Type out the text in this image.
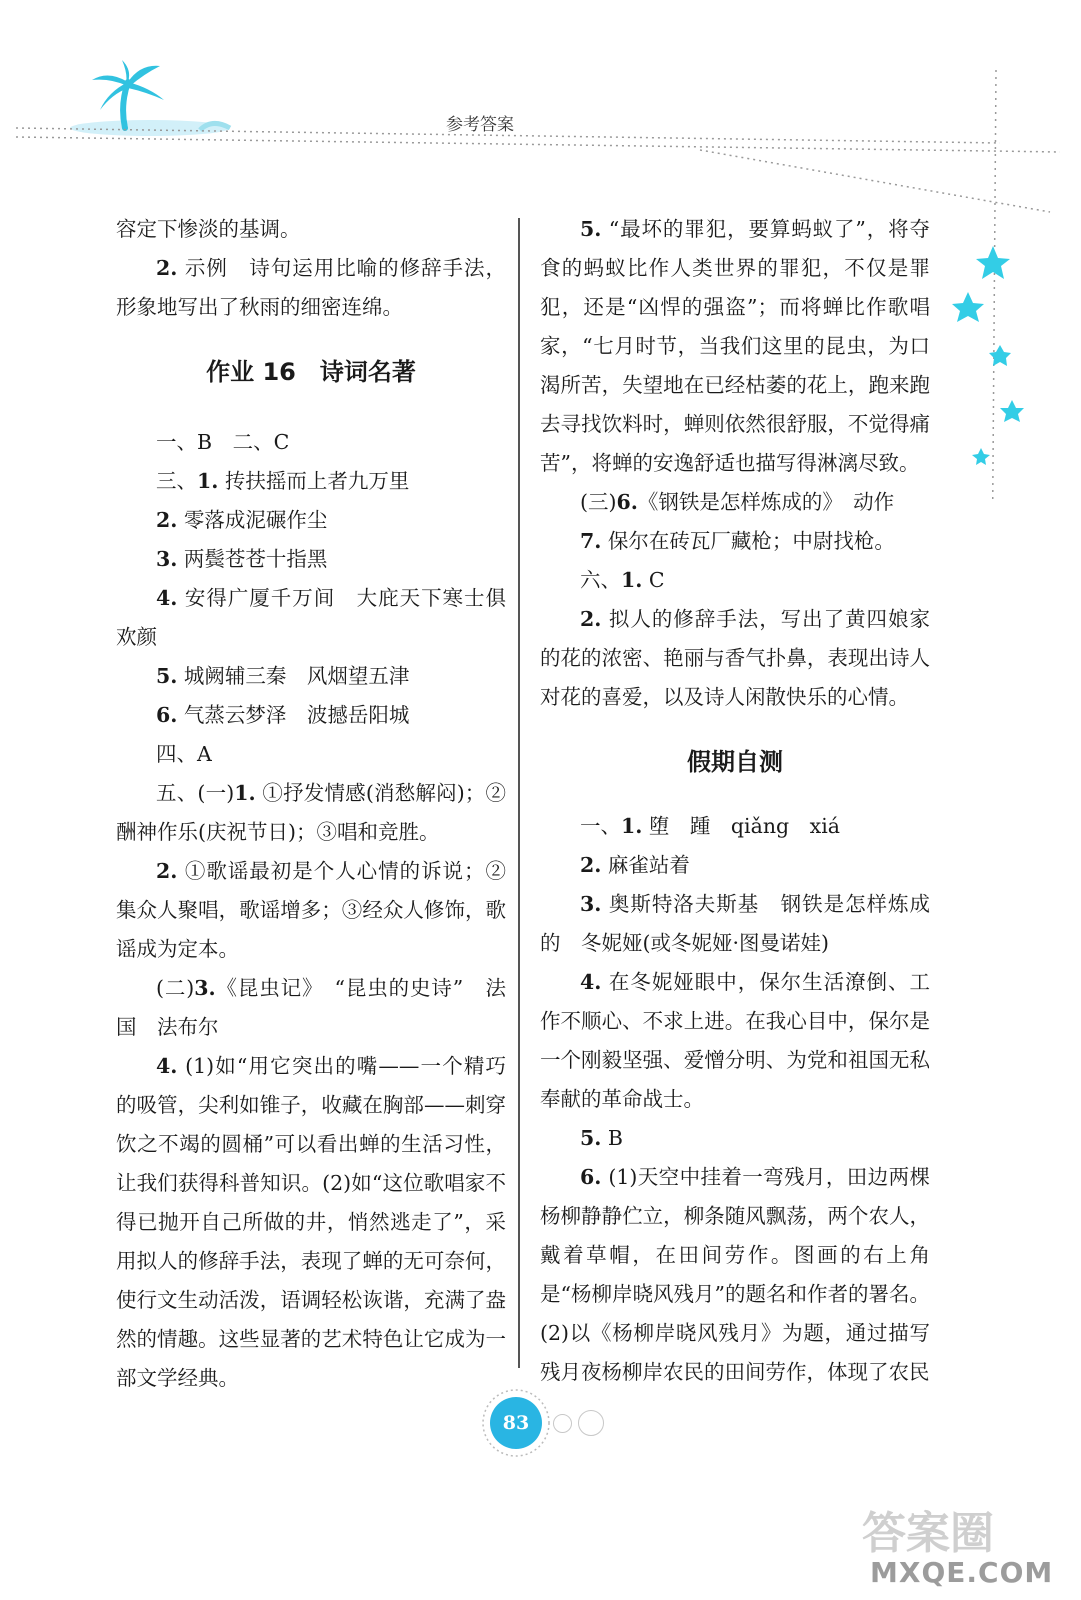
参考答案

容定下惨淡的基调。

2. 示例　诗句运用比喻的修辞手法，形象地写出了秋雨的细密连绵。

作业 16　诗词名著

一、B　二、C

三、1. 抟扶摇而上者九万里

2. 零落成泥碾作尘

3. 两鬓苍苍十指黑

4. 安得广厦千万间　大庇天下寒士俱欢颜

5. 城阙辅三秦　风烟望五津

6. 气蒸云梦泽　波撼岳阳城

四、A

五、(一)1. ①抒发情感(消愁解闷)；②酬神作乐(庆祝节日)；③唱和竞胜。

2. ①歌谣最初是个人心情的诉说；②集众人聚唱，歌谣增多；③经众人修饰，歌谣成为定本。

(二)3.《昆虫记》　“昆虫的史诗”　法国　法布尔

4. (1)如“用它突出的嘴——一个精巧的吸管，尖利如锥子，收藏在胸部——刺穿饮之不竭的圆桶”可以看出蝉的生活习性，让我们获得科普知识。(2)如“这位歌唱家不得已抛开自己所做的井，悄然逃走了”，采用拟人的修辞手法，表现了蝉的无可奈何，使行文生动活泼，语调轻松诙谐，充满了盎然的情趣。这些显著的艺术特色让它成为一部文学经典。

5. “最坏的罪犯，要算蚂蚁了”，将夺食的蚂蚁比作人类世界的罪犯，不仅是罪犯，还是“凶悍的强盗”；而将蝉比作歌唱家，“七月时节，当我们这里的昆虫，为口渴所苦，失望地在已经枯萎的花上，跑来跑去寻找饮料时，蝉则依然很舒服，不觉得痛苦”，将蝉的安逸舒适也描写得淋漓尽致。

(三)6.《钢铁是怎样炼成的》　动作

7. 保尔在砖瓦厂藏枪；中尉找枪。

六、1. C

2. 拟人的修辞手法，写出了黄四娘家的花的浓密、艳丽与香气扑鼻，表现出诗人对花的喜爱，以及诗人闲散快乐的心情。

假期自测

一、1. 堕　踵　qiǎng　xiá

2. 麻雀站着

3. 奥斯特洛夫斯基　钢铁是怎样炼成的　冬妮娅(或冬妮娅·图曼诺娃)

4. 在冬妮娅眼中，保尔生活潦倒、工作不顺心、不求上进。在我心目中，保尔是一个刚毅坚强、爱憎分明、为党和祖国无私奉献的革命战士。

5. B

6. (1)天空中挂着一弯残月，田边两棵杨柳静静伫立，柳条随风飘荡，两个农人，戴着草帽，在田间劳作。图画的右上角是“杨柳岸晓风残月”的题名和作者的署名。(2)以《杨柳岸晓风残月》为题，通过描写残月夜杨柳岸农民的田间劳作，体现了农民

83
答案圈
MXQE.COM
